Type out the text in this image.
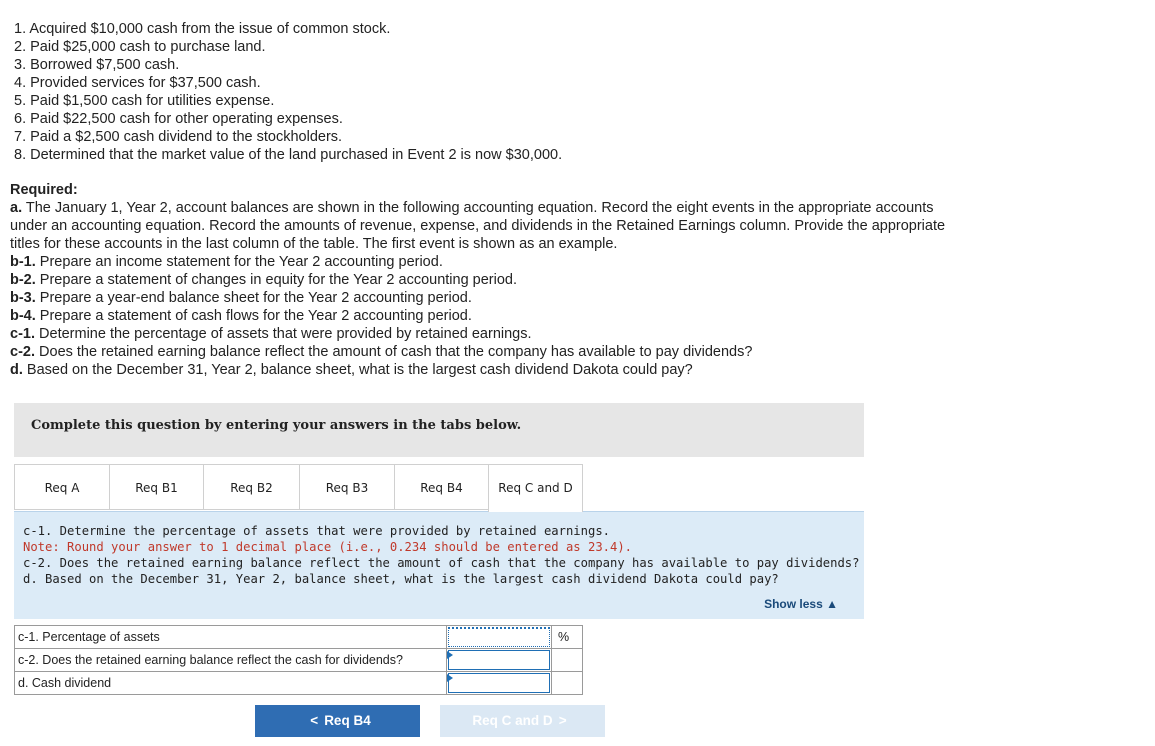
1. Acquired $10,000 cash from the issue of common stock.
2. Paid $25,000 cash to purchase land.
3. Borrowed $7,500 cash.
4. Provided services for $37,500 cash.
5. Paid $1,500 cash for utilities expense.
6. Paid $22,500 cash for other operating expenses.
7. Paid a $2,500 cash dividend to the stockholders.
8. Determined that the market value of the land purchased in Event 2 is now $30,000.
Required:
a. The January 1, Year 2, account balances are shown in the following accounting equation. Record the eight events in the appropriate accounts under an accounting equation. Record the amounts of revenue, expense, and dividends in the Retained Earnings column. Provide the appropriate titles for these accounts in the last column of the table. The first event is shown as an example.
b-1. Prepare an income statement for the Year 2 accounting period.
b-2. Prepare a statement of changes in equity for the Year 2 accounting period.
b-3. Prepare a year-end balance sheet for the Year 2 accounting period.
b-4. Prepare a statement of cash flows for the Year 2 accounting period.
c-1. Determine the percentage of assets that were provided by retained earnings.
c-2. Does the retained earning balance reflect the amount of cash that the company has available to pay dividends?
d. Based on the December 31, Year 2, balance sheet, what is the largest cash dividend Dakota could pay?
Complete this question by entering your answers in the tabs below.
Req A	Req B1	Req B2	Req B3	Req B4	Req C and D
c-1. Determine the percentage of assets that were provided by retained earnings.
Note: Round your answer to 1 decimal place (i.e., 0.234 should be entered as 23.4).
c-2. Does the retained earning balance reflect the amount of cash that the company has available to pay dividends?
d. Based on the December 31, Year 2, balance sheet, what is the largest cash dividend Dakota could pay?
Show less ▲
c-1. Percentage of assets		%
c-2. Does the retained earning balance reflect the cash for dividends?	

d. Cash dividend	

< Req B4	Req C and D >
